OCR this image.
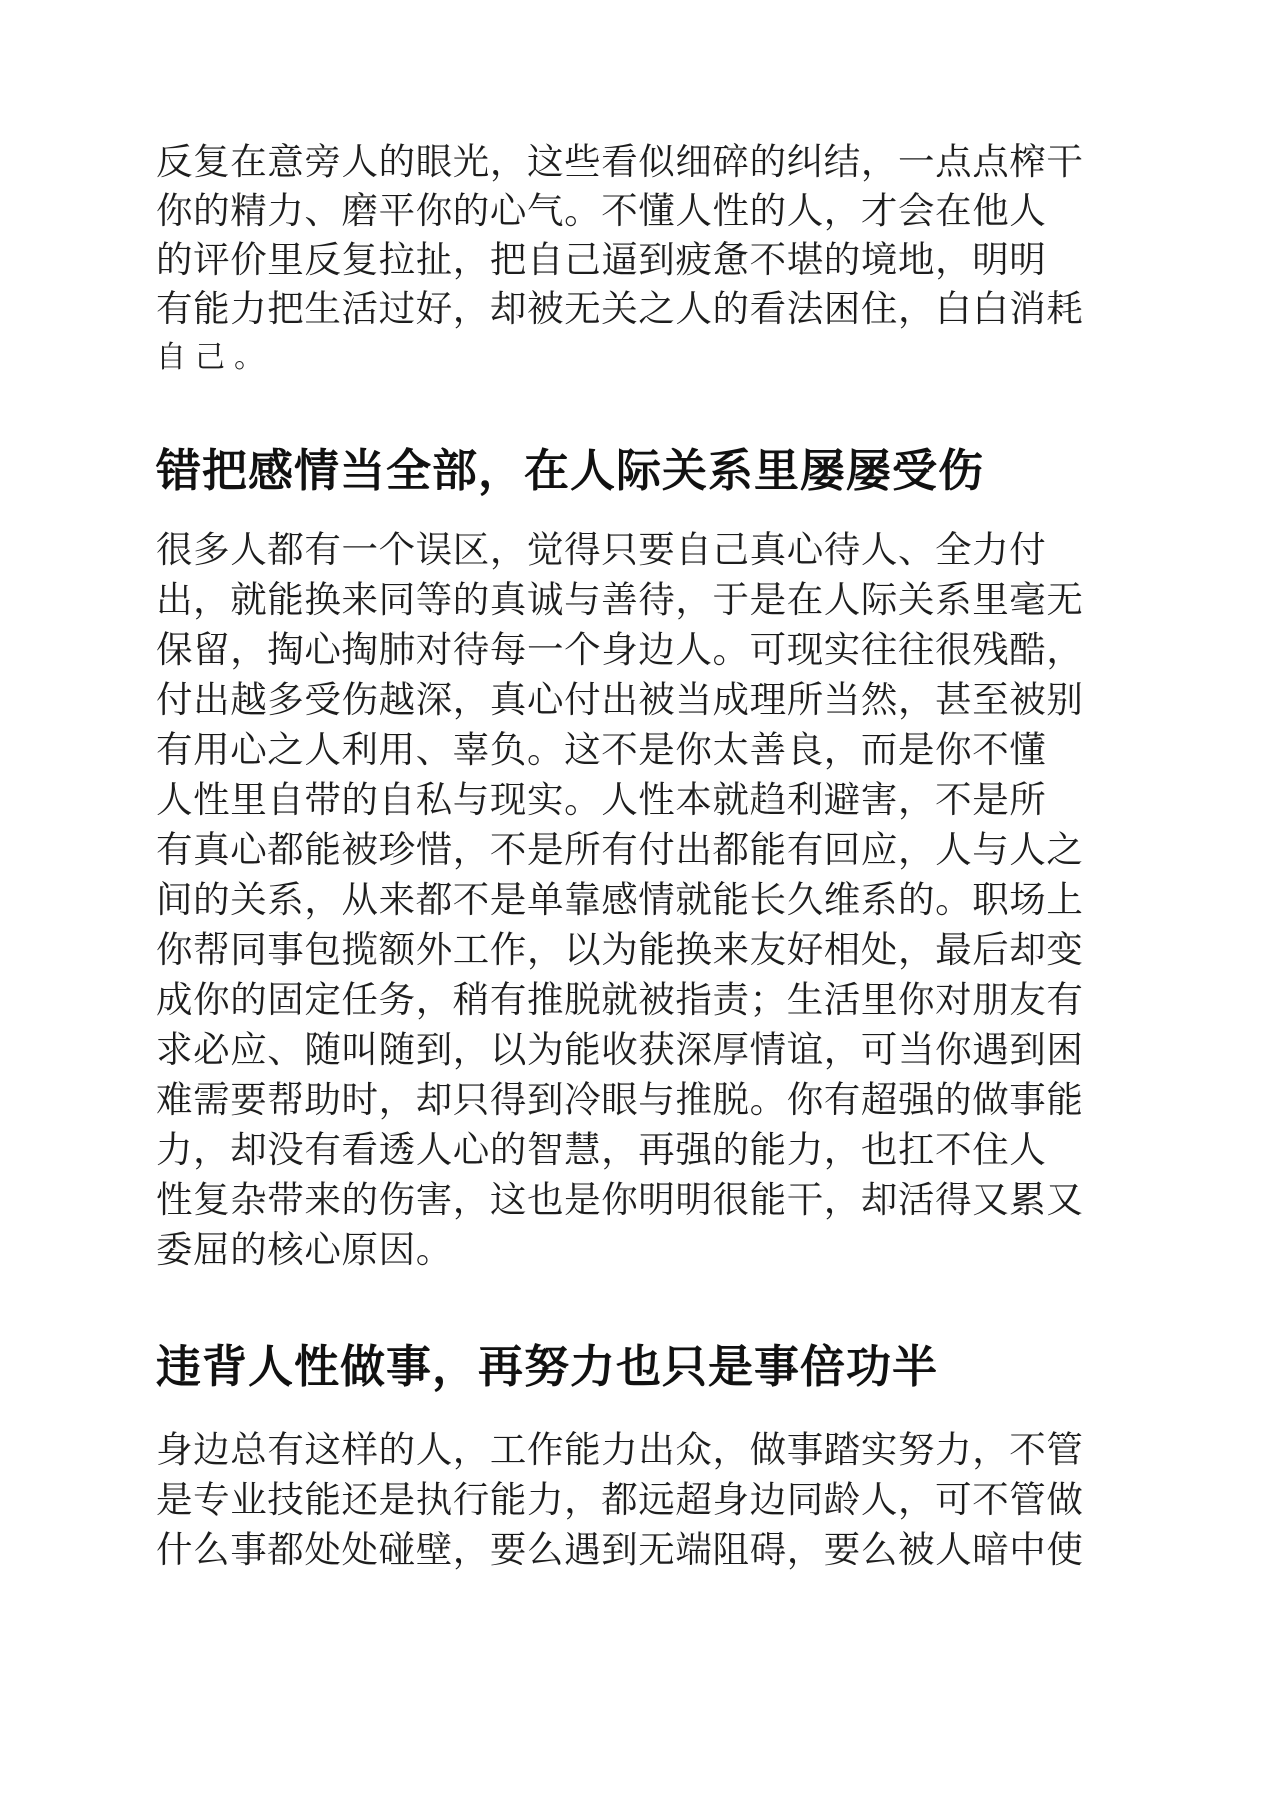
反复在意旁人的眼光，这些看似细碎的纠结，一点点榨干
你的精力、磨平你的心气。不懂人性的人，才会在他人
的评价里反复拉扯，把自己逼到疲惫不堪的境地，明明
有能力把生活过好，却被无关之人的看法困住，白白消耗
自己。
错把感情当全部，在人际关系里屡屡受伤
很多人都有一个误区，觉得只要自己真心待人、全力付
出，就能换来同等的真诚与善待，于是在人际关系里毫无
保留，掏心掏肺对待每一个身边人。可现实往往很残酷，
付出越多受伤越深，真心付出被当成理所当然，甚至被别
有用心之人利用、辜负。这不是你太善良，而是你不懂
人性里自带的自私与现实。人性本就趋利避害，不是所
有真心都能被珍惜，不是所有付出都能有回应，人与人之
间的关系，从来都不是单靠感情就能长久维系的。职场上
你帮同事包揽额外工作，以为能换来友好相处，最后却变
成你的固定任务，稍有推脱就被指责；生活里你对朋友有
求必应、随叫随到，以为能收获深厚情谊，可当你遇到困
难需要帮助时，却只得到冷眼与推脱。你有超强的做事能
力，却没有看透人心的智慧，再强的能力，也扛不住人
性复杂带来的伤害，这也是你明明很能干，却活得又累又
委屈的核心原因。
违背人性做事，再努力也只是事倍功半
身边总有这样的人，工作能力出众，做事踏实努力，不管
是专业技能还是执行能力，都远超身边同龄人，可不管做
什么事都处处碰壁，要么遇到无端阻碍，要么被人暗中使
